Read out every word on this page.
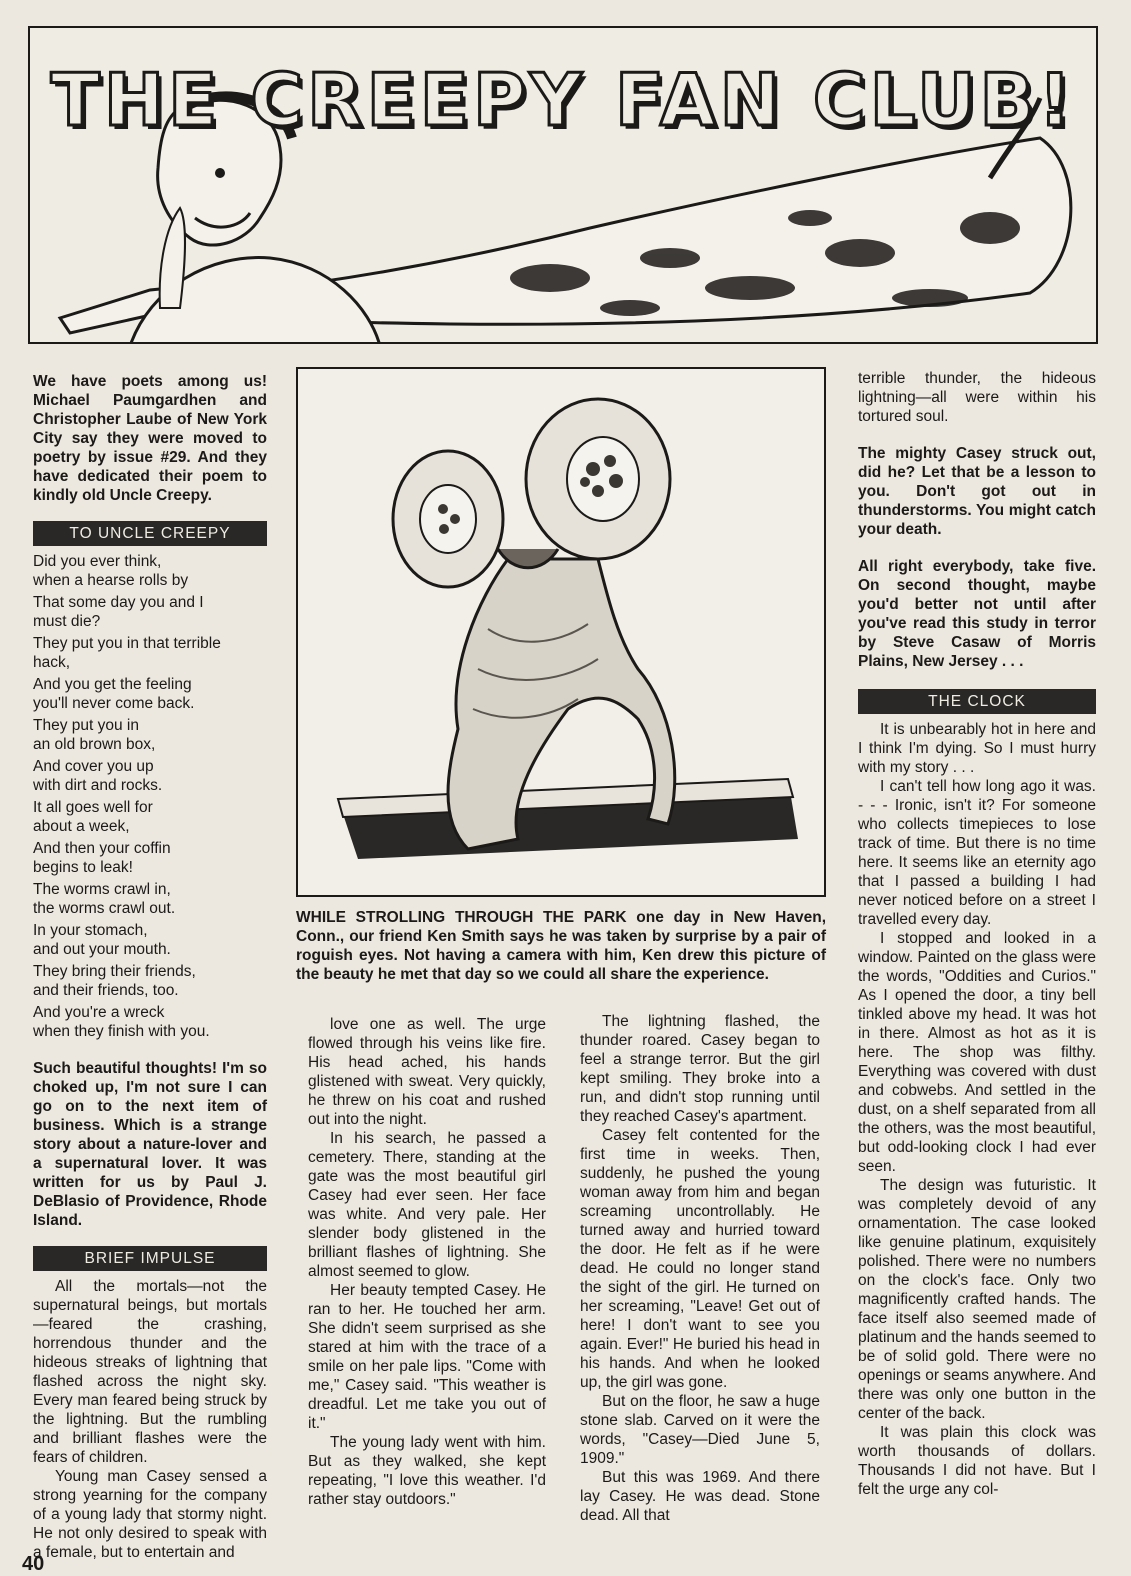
THE CREEPY FAN CLUB!

We have poets among us! Michael Paumgardhen and Christopher Laube of New York City say they were moved to poetry by issue #29. And they have dedicated their poem to kindly old Uncle Creepy.

TO UNCLE CREEPY

Did you ever think,

when a hearse rolls by

That some day you and I

must die?

They put you in that terrible

hack,

And you get the feeling

you'll never come back.

They put you in

an old brown box,

And cover you up

with dirt and rocks.

It all goes well for

about a week,

And then your coffin

begins to leak!

The worms crawl in,

the worms crawl out.

In your stomach,

and out your mouth.

They bring their friends,

and their friends, too.

And you're a wreck

when they finish with you.

Such beautiful thoughts! I'm so choked up, I'm not sure I can go on to the next item of business. Which is a strange story about a nature-lover and a supernatural lover. It was written for us by Paul J. DeBlasio of Providence, Rhode Island.

BRIEF IMPULSE

All the mortals—not the supernatural beings, but mortals—feared the crashing, horrendous thunder and the hideous streaks of lightning that flashed across the night sky. Every man feared being struck by the lightning. But the rumbling and brilliant flashes were the fears of children.

Young man Casey sensed a strong yearning for the company of a young lady that stormy night. He not only desired to speak with a female, but to entertain and

WHILE STROLLING THROUGH THE PARK one day in New Haven, Conn., our friend Ken Smith says he was taken by surprise by a pair of roguish eyes. Not having a camera with him, Ken drew this picture of the beauty he met that day so we could all share the experience.

love one as well. The urge flowed through his veins like fire. His head ached, his hands glistened with sweat. Very quickly, he threw on his coat and rushed out into the night.

In his search, he passed a cemetery. There, standing at the gate was the most beautiful girl Casey had ever seen. Her face was white. And very pale. Her slender body glistened in the brilliant flashes of lightning. She almost seemed to glow.

Her beauty tempted Casey. He ran to her. He touched her arm. She didn't seem surprised as she stared at him with the trace of a smile on her pale lips. "Come with me," Casey said. "This weather is dreadful. Let me take you out of it."

The young lady went with him. But as they walked, she kept repeating, "I love this weather. I'd rather stay outdoors."

The lightning flashed, the thunder roared. Casey began to feel a strange terror. But the girl kept smiling. They broke into a run, and didn't stop running until they reached Casey's apartment.

Casey felt contented for the first time in weeks. Then, suddenly, he pushed the young woman away from him and began screaming uncontrollably. He turned away and hurried toward the door. He felt as if he were dead. He could no longer stand the sight of the girl. He turned on her screaming, "Leave! Get out of here! I don't want to see you again. Ever!" He buried his head in his hands. And when he looked up, the girl was gone.

But on the floor, he saw a huge stone slab. Carved on it were the words, "Casey—Died June 5, 1909."

But this was 1969. And there lay Casey. He was dead. Stone dead. All that

terrible thunder, the hideous lightning—all were within his tortured soul.

The mighty Casey struck out, did he? Let that be a lesson to you. Don't got out in thunderstorms. You might catch your death.

All right everybody, take five. On second thought, maybe you'd better not until after you've read this study in terror by Steve Casaw of Morris Plains, New Jersey . . .

THE CLOCK

It is unbearably hot in here and I think I'm dying. So I must hurry with my story . . .

I can't tell how long ago it was. - - - Ironic, isn't it? For someone who collects timepieces to lose track of time. But there is no time here. It seems like an eternity ago that I passed a building I had never noticed before on a street I travelled every day.

I stopped and looked in a window. Painted on the glass were the words, "Oddities and Curios." As I opened the door, a tiny bell tinkled above my head. It was hot in there. Almost as hot as it is here. The shop was filthy. Everything was covered with dust and cobwebs. And settled in the dust, on a shelf separated from all the others, was the most beautiful, but odd-looking clock I had ever seen.

The design was futuristic. It was completely devoid of any ornamentation. The case looked like genuine platinum, exquisitely polished. There were no numbers on the clock's face. Only two magnificently crafted hands. The face itself also seemed made of platinum and the hands seemed to be of solid gold. There were no openings or seams anywhere. And there was only one button in the center of the back.

It was plain this clock was worth thousands of dollars. Thousands I did not have. But I felt the urge any col-

40
